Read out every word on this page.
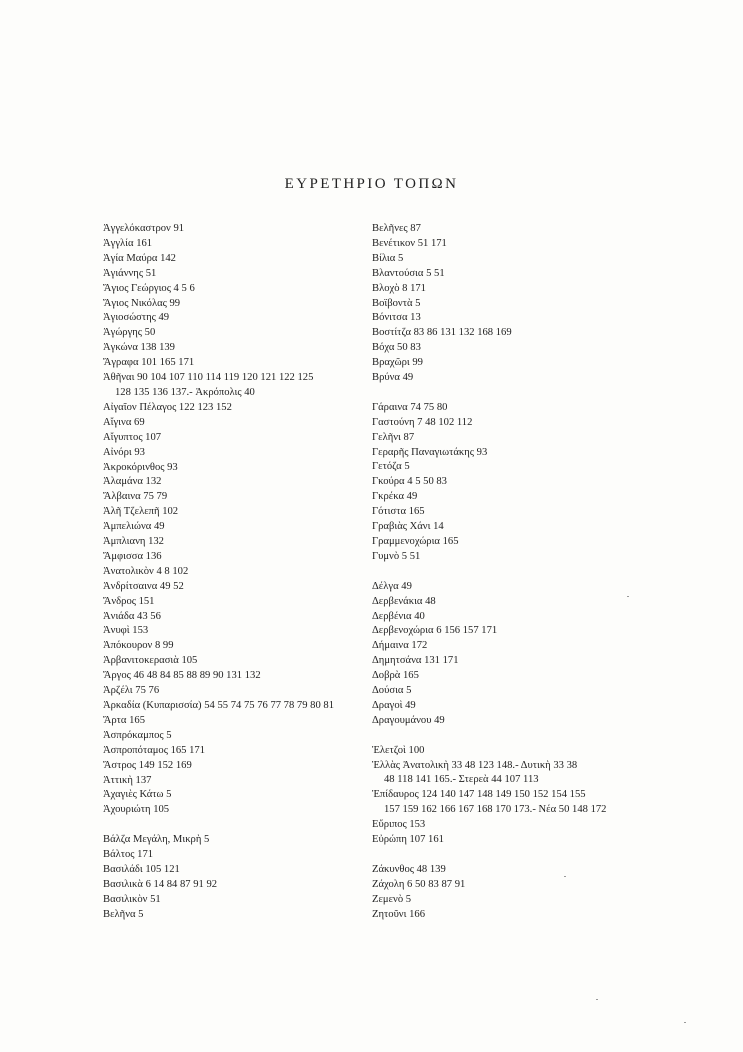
ΕΥΡΕΤΗΡΙΟ ΤΟΠΩΝ
Ἀγγελόκαστρον 91
Ἀγγλία 161
Ἁγία Μαύρα 142
Ἁγιάννης 51
Ἅγιος Γεώργιος 4 5 6
Ἅγιος Νικόλας 99
Ἁγιοσώστης 49
Ἀγώργης 50
Ἀγκώνα 138 139
Ἄγραφα 101 165 171
Ἀθῆναι 90 104 107 110 114 119 120 121 122 125
128 135 136 137.- Ἀκρόπολις 40
Αἰγαῖον Πέλαγος 122 123 152
Αἴγινα 69
Αἴγυπτος 107
Αἰνόρι 93
Ἀκροκόρινθος 93
Ἀλαμάνα 132
Ἄλβαινα 75 79
Ἀλῆ Τζελεπῆ 102
Ἀμπελιώνα 49
Ἀμπλιανη 132
Ἄμφισσα 136
Ἀνατολικὸν 4 8 102
Ἀνδρίτσαινα 49 52
Ἄνδρος 151
Ἀνιάδα 43 56
Ἀνυφὶ 153
Ἀπόκουρον 8 99
Ἀρβανιτοκερασιὰ 105
Ἄργος 46 48 84 85 88 89 90 131 132
Ἀρζέλι 75 76
Ἀρκαδία (Κυπαρισσία) 54 55 74 75 76 77 78 79 80 81
Ἄρτα 165
Ἀσπρόκαμπος 5
Ἀσπροπόταμος 165 171
Ἄστρος 149 152 169
Ἀττικὴ 137
Ἀχαγιὲς Κάτω 5
Ἀχουριώτη 105
Βάλζα Μεγάλη, Μικρὴ 5
Βάλτος 171
Βασιλάδι 105 121
Βασιλικὰ 6 14 84 87 91 92
Βασιλικὸν 51
Βελῆνα 5
Βελῆνες 87
Βενέτικον 51 171
Βίλια 5
Βλαντούσια 5 51
Βλοχὸ 8 171
Βοϊβοντὰ 5
Βόνιτσα 13
Βοστίτζα 83 86 131 132 168 169
Βόχα 50 83
Βραχῶρι 99
Βρύνα 49
Γάραινα 74 75 80
Γαστούνη 7 48 102 112
Γελῆνι 87
Γεραρῆς Παναγιωτάκης 93
Γετόζα 5
Γκούρα 4 5 50 83
Γκρέκα 49
Γότιστα 165
Γραβιὰς Χάνι 14
Γραμμενοχώρια 165
Γυμνὸ 5 51
Δέλγα 49
Δερβενάκια 48
Δερβένια 40
Δερβενοχώρια 6 156 157 171
Δήμαινα 172
Δημητσάνα 131 171
Δοβρὰ 165
Δούσια 5
Δραγοὶ 49
Δραγουμάνου 49
Ἐλετζοὶ 100
Ἑλλὰς Ἀνατολικὴ 33 48 123 148.- Δυτικὴ 33 38
48 118 141 165.- Στερεὰ 44 107 113
Ἐπίδαυρος 124 140 147 148 149 150 152 154 155
157 159 162 166 167 168 170 173.- Νέα 50 148 172
Εὔριπος 153
Εὐρώπη 107 161
Ζάκυνθος 48 139
Ζάχολη 6 50 83 87 91
Ζεμενὸ 5
Ζητοῦνι 166
